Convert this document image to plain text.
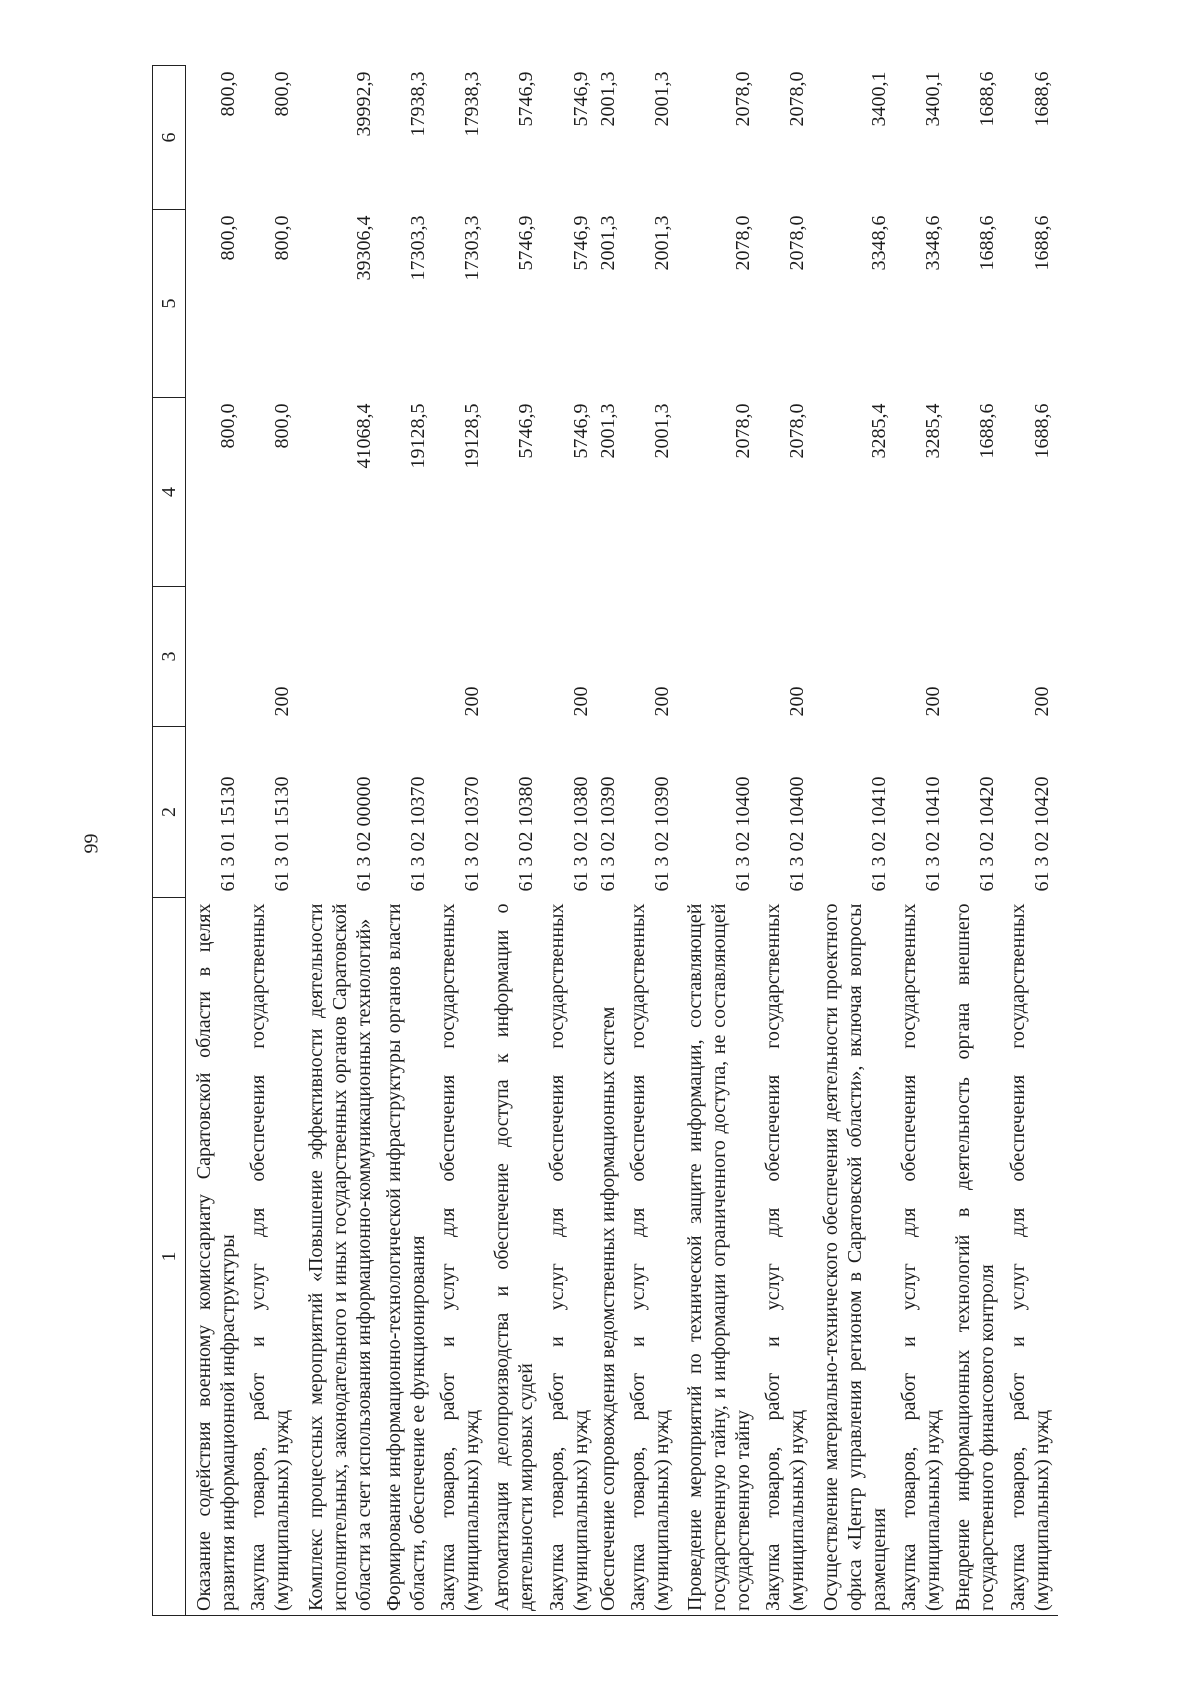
99
1	2	3	4	5	6
Оказание содействия военному комиссариату Саратовской области в целях развития информационной инфраструктуры	61 3 01 15130		800,0	800,0	800,0
Закупка товаров, работ и услуг для обеспечения государственных (муниципальных) нужд	61 3 01 15130	200	800,0	800,0	800,0
Комплекс процессных мероприятий «Повышение эффективности деятельности исполнительных, законодательного и иных государственных органов Саратовской области за счет использования информационно-коммуникационных технологий»	61 3 02 00000		41068,4	39306,4	39992,9
Формирование информационно-технологической инфраструктуры органов власти области, обеспечение ее функционирования	61 3 02 10370		19128,5	17303,3	17938,3
Закупка товаров, работ и услуг для обеспечения государственных (муниципальных) нужд	61 3 02 10370	200	19128,5	17303,3	17938,3
Автоматизация делопроизводства и обеспечение доступа к информации о деятельности мировых судей	61 3 02 10380		5746,9	5746,9	5746,9
Закупка товаров, работ и услуг для обеспечения государственных (муниципальных) нужд	61 3 02 10380	200	5746,9	5746,9	5746,9
Обеспечение сопровождения ведомственных информационных систем	61 3 02 10390		2001,3	2001,3	2001,3
Закупка товаров, работ и услуг для обеспечения государственных (муниципальных) нужд	61 3 02 10390	200	2001,3	2001,3	2001,3
Проведение мероприятий по технической защите информации, составляющей государственную тайну, и информации ограниченного доступа, не составляющей государственную тайну	61 3 02 10400		2078,0	2078,0	2078,0
Закупка товаров, работ и услуг для обеспечения государственных (муниципальных) нужд	61 3 02 10400	200	2078,0	2078,0	2078,0
Осуществление материально-технического обеспечения деятельности проектного офиса «Центр управления регионом в Саратовской области», включая вопросы размещения	61 3 02 10410		3285,4	3348,6	3400,1
Закупка товаров, работ и услуг для обеспечения государственных (муниципальных) нужд	61 3 02 10410	200	3285,4	3348,6	3400,1
Внедрение информационных технологий в деятельность органа внешнего государственного финансового контроля	61 3 02 10420		1688,6	1688,6	1688,6
Закупка товаров, работ и услуг для обеспечения государственных (муниципальных) нужд	61 3 02 10420	200	1688,6	1688,6	1688,6
